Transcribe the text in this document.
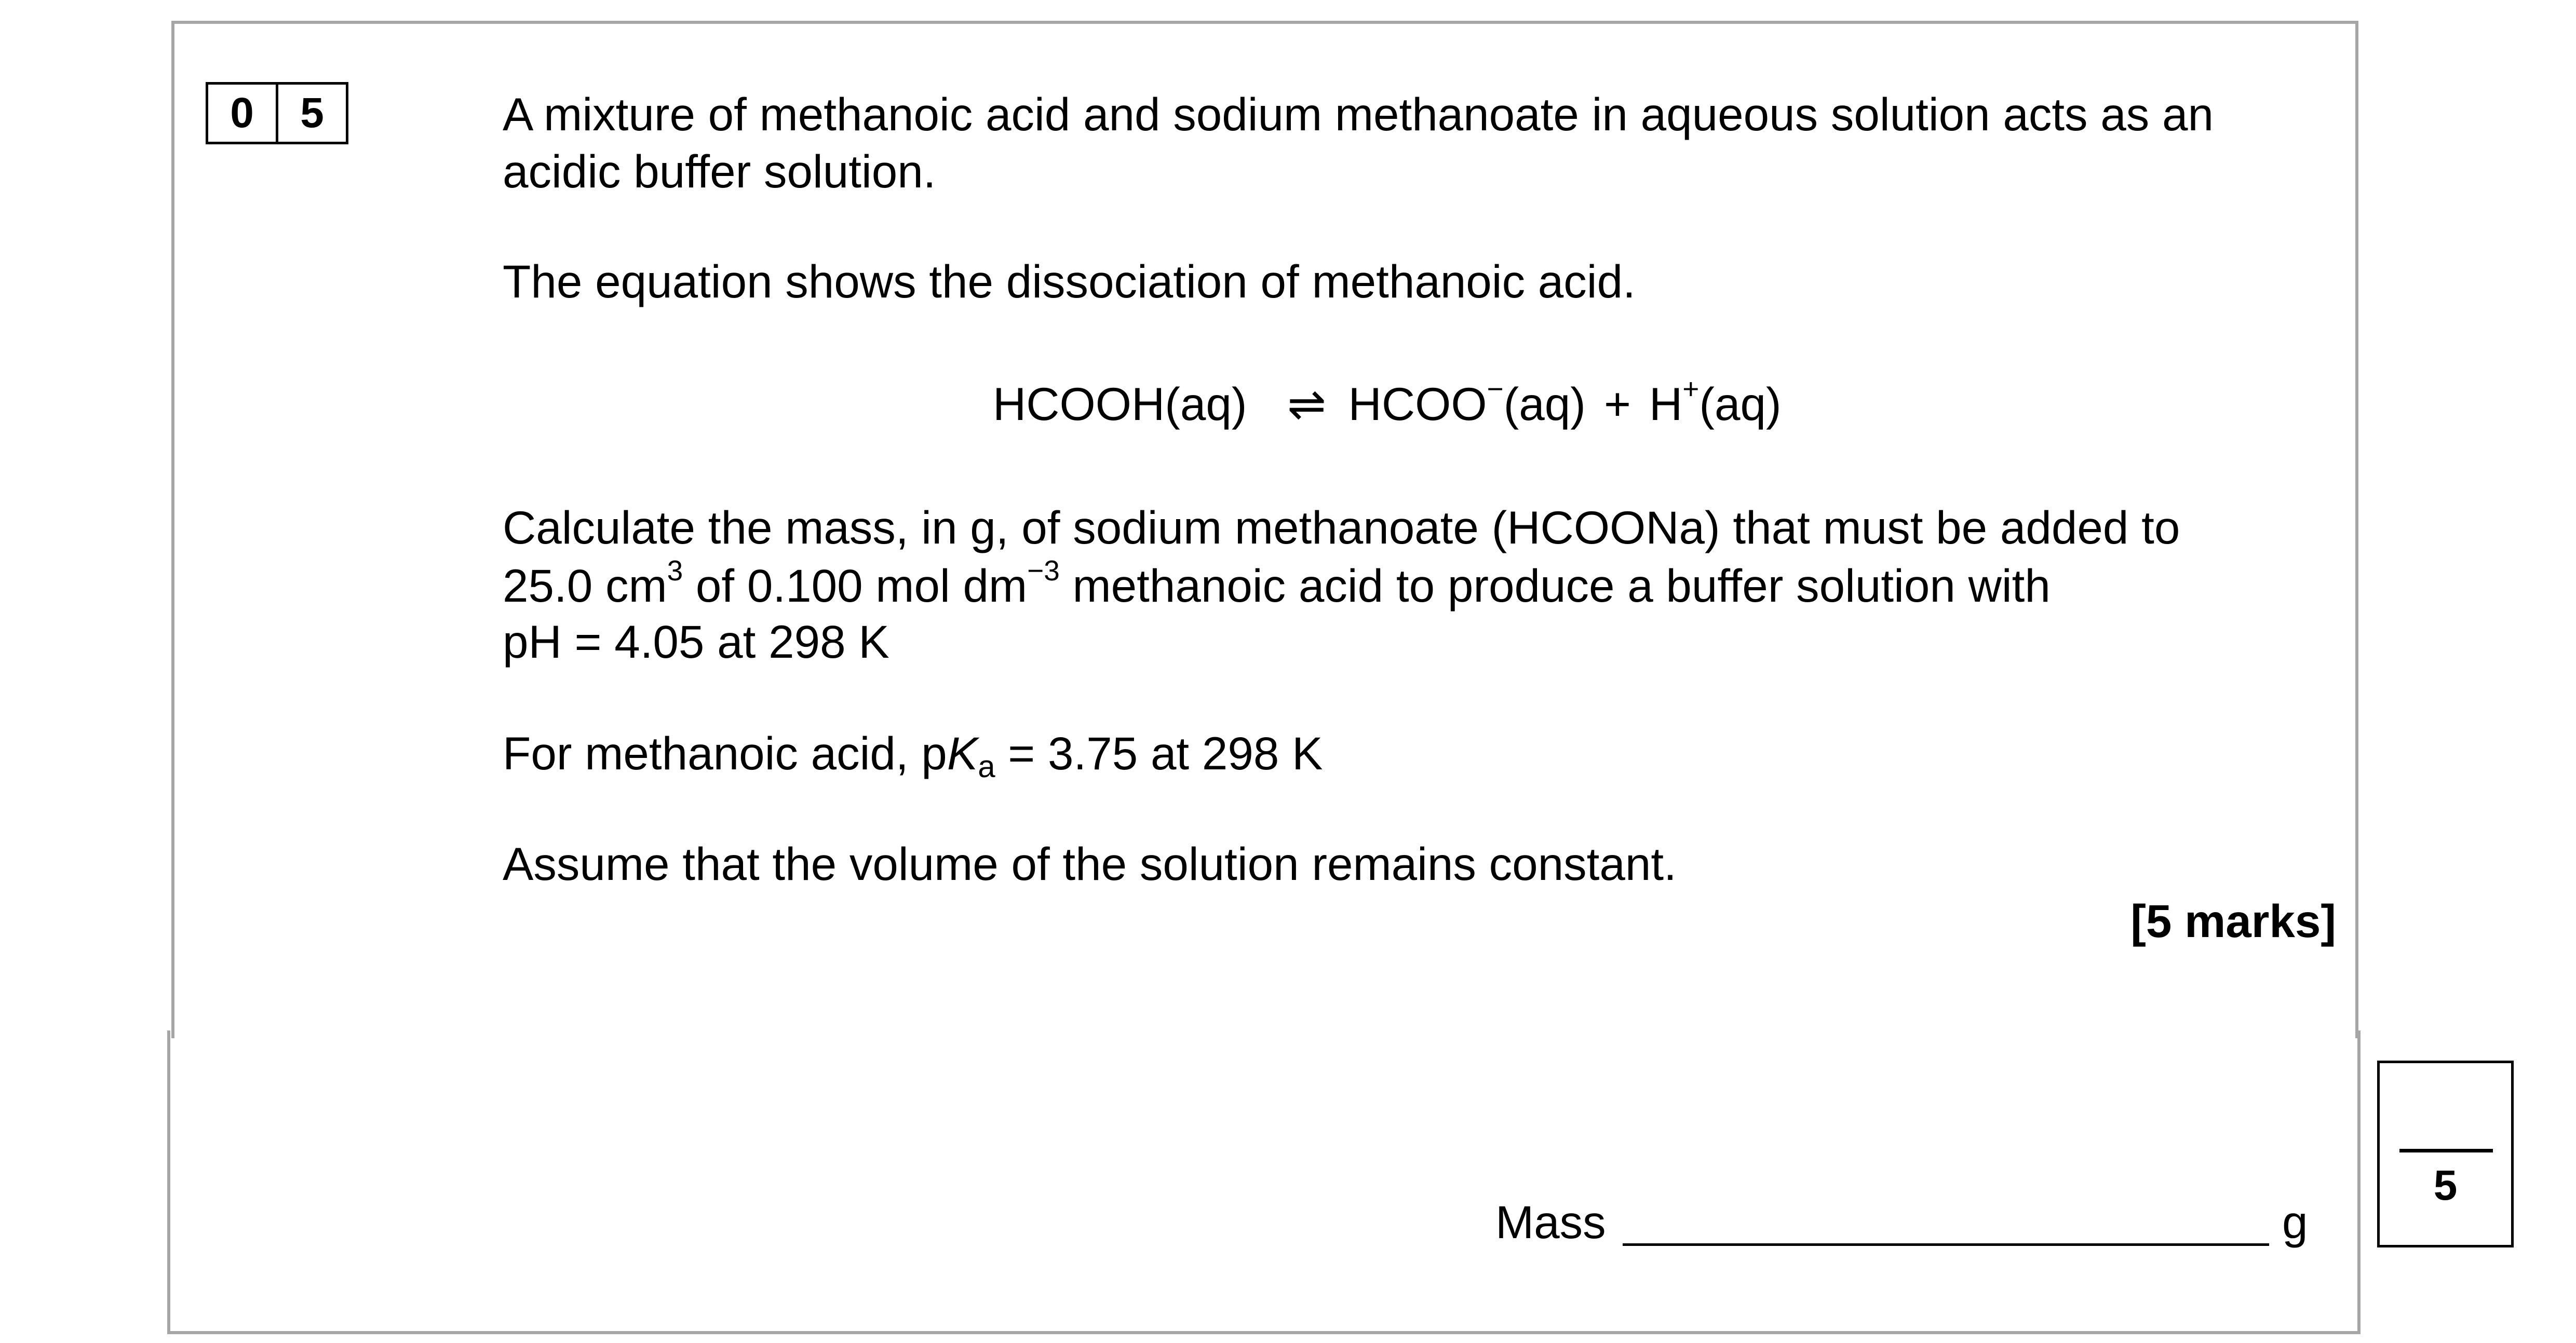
0	5	A mixture of methanoic acid and sodium methanoate in aqueous solution acts as an
acidic buffer solution.
The equation shows the dissociation of methanoic acid.
HCOOH(aq) ⇌ HCOO−(aq) + H+(aq)
Calculate the mass, in g, of sodium methanoate (HCOONa) that must be added to
25.0 $cm^3$ of 0.100 mol $dm^{-3}$ methanoic acid to produce a buffer solution with
pH = 4.05 at 298 K
For methanoic acid, $pK_a = 3.75$ at 298 K
Assume that the volume of the solution remains constant.
[5 marks]
Mass	g
5
